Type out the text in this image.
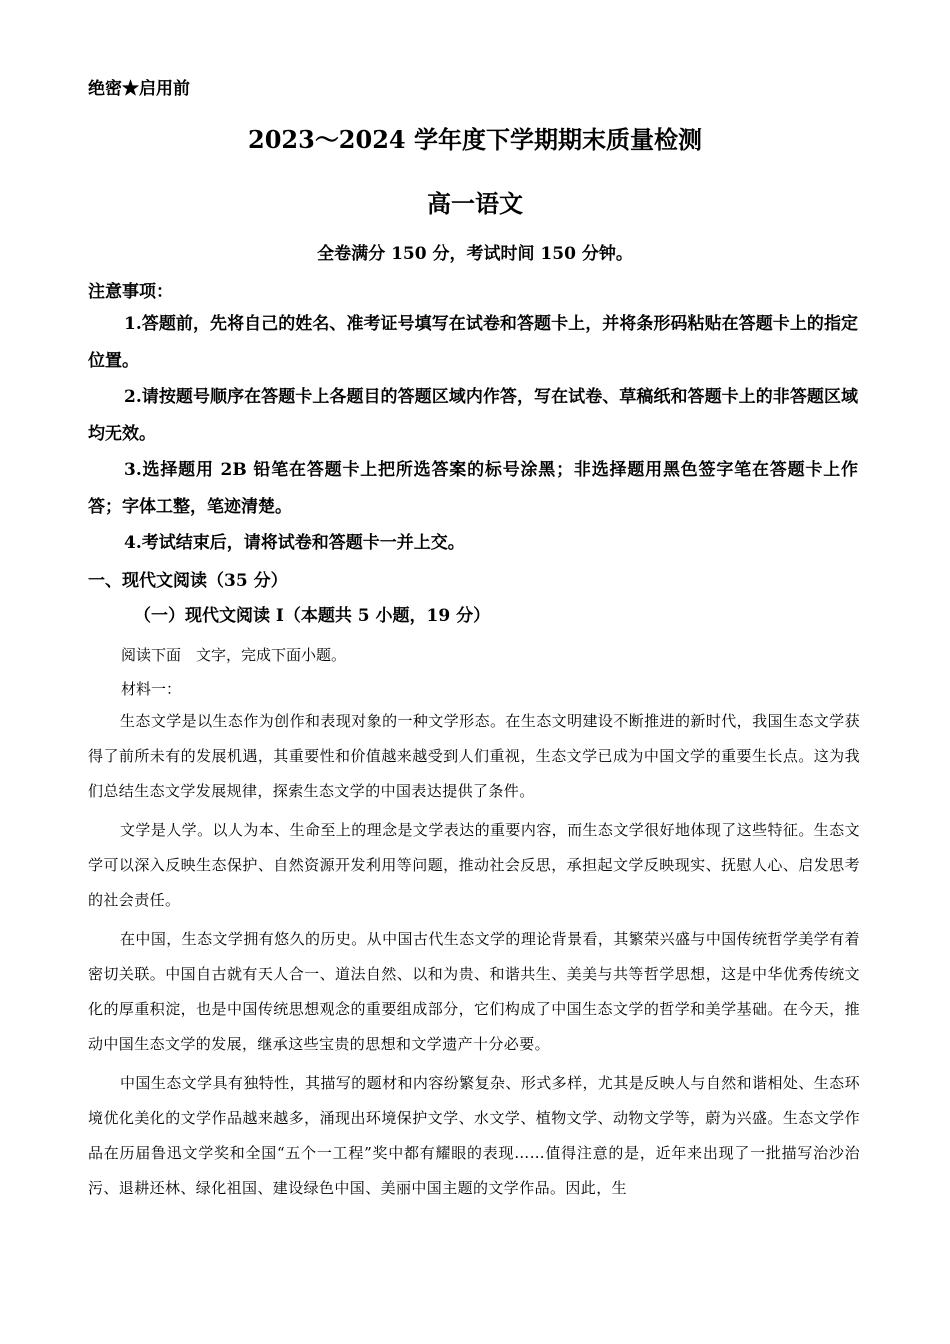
绝密★启用前
2023～2024 学年度下学期期末质量检测
高一语文
全卷满分 150 分，考试时间 150 分钟。
注意事项：
1.答题前，先将自己的姓名、准考证号填写在试卷和答题卡上，并将条形码粘贴在答题卡上的指定位置。
2.请按题号顺序在答题卡上各题目的答题区域内作答，写在试卷、草稿纸和答题卡上的非答题区域均无效。
3.选择题用 2B 铅笔在答题卡上把所选答案的标号涂黑；非选择题用黑色签字笔在答题卡上作答；字体工整，笔迹清楚。
4.考试结束后，请将试卷和答题卡一并上交。
一、现代文阅读（35 分）
（一）现代文阅读 I（本题共 5 小题，19 分）
阅读下面　文字，完成下面小题。
材料一：
生态文学是以生态作为创作和表现对象的一种文学形态。在生态文明建设不断推进的新时代，我国生态文学获得了前所未有的发展机遇，其重要性和价值越来越受到人们重视，生态文学已成为中国文学的重要生长点。这为我们总结生态文学发展规律，探索生态文学的中国表达提供了条件。
文学是人学。以人为本、生命至上的理念是文学表达的重要内容，而生态文学很好地体现了这些特征。生态文学可以深入反映生态保护、自然资源开发利用等问题，推动社会反思，承担起文学反映现实、抚慰人心、启发思考的社会责任。
在中国，生态文学拥有悠久的历史。从中国古代生态文学的理论背景看，其繁荣兴盛与中国传统哲学美学有着密切关联。中国自古就有天人合一、道法自然、以和为贵、和谐共生、美美与共等哲学思想，这是中华优秀传统文化的厚重积淀，也是中国传统思想观念的重要组成部分，它们构成了中国生态文学的哲学和美学基础。在今天，推动中国生态文学的发展，继承这些宝贵的思想和文学遗产十分必要。
中国生态文学具有独特性，其描写的题材和内容纷繁复杂、形式多样，尤其是反映人与自然和谐相处、生态环境优化美化的文学作品越来越多，涌现出环境保护文学、水文学、植物文学、动物文学等，蔚为兴盛。生态文学作品在历届鲁迅文学奖和全国“五个一工程”奖中都有耀眼的表现……值得注意的是，近年来出现了一批描写治沙治污、退耕还林、绿化祖国、建设绿色中国、美丽中国主题的文学作品。因此，生
